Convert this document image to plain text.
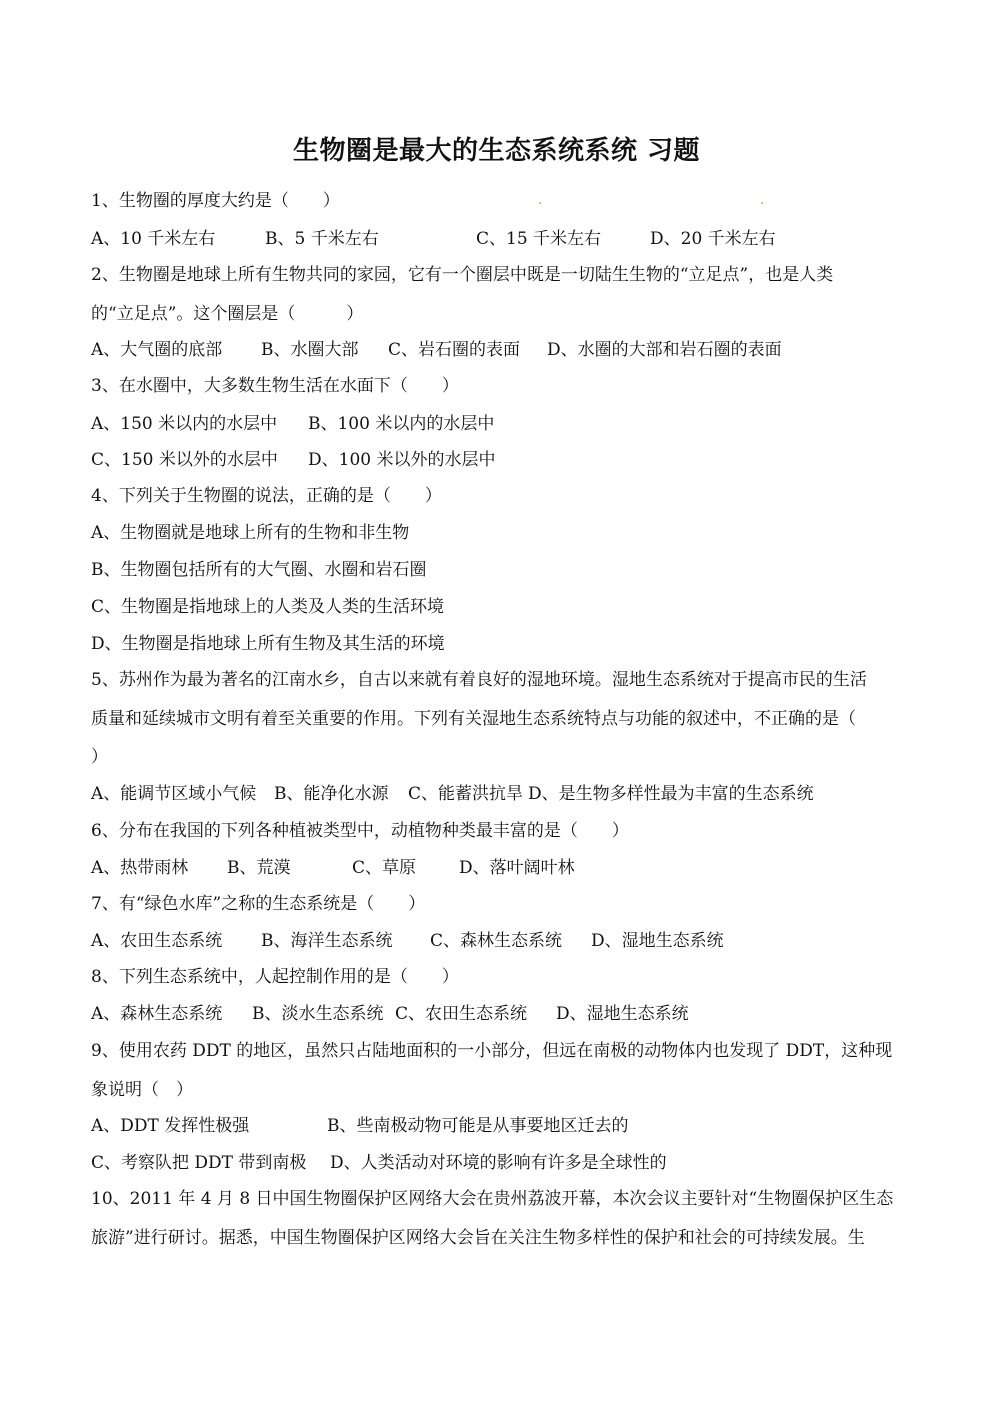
生物圈是最大的生态系统系统 习题
.	.
1、生物圈的厚度大约是（　　）
A、10 千米左右	B、5 千米左右	C、15 千米左右	D、20 千米左右
2、生物圈是地球上所有生物共同的家园，它有一个圈层中既是一切陆生生物的“立足点”，也是人类
的“立足点”。这个圈层是（　　　）
A、大气圈的底部 B、水圈大部 C、岩石圈的表面 D、水圈的大部和岩石圈的表面
3、在水圈中，大多数生物生活在水面下（　　）
A、150 米以内的水层中 B、100 米以内的水层中
C、150 米以外的水层中 D、100 米以外的水层中
4、下列关于生物圈的说法，正确的是（　　）
A、生物圈就是地球上所有的生物和非生物
B、生物圈包括所有的大气圈、水圈和岩石圈
C、生物圈是指地球上的人类及人类的生活环境
D、生物圈是指地球上所有生物及其生活的环境
5、苏州作为最为著名的江南水乡，自古以来就有着良好的湿地环境。湿地生态系统对于提高市民的生活
质量和延续城市文明有着至关重要的作用。下列有关湿地生态系统特点与功能的叙述中，不正确的是（
）
A、能调节区域小气候 B、能净化水源 C、能蓄洪抗旱 D、是生物多样性最为丰富的生态系统
6、分布在我国的下列各种植被类型中，动植物种类最丰富的是（　　）
A、热带雨林 B、荒漠	C、草原	D、落叶阔叶林
7、有“绿色水库”之称的生态系统是（　　）
A、农田生态系统 B、海洋生态系统 C、森林生态系统 D、湿地生态系统
8、下列生态系统中，人起控制作用的是（　　）
A、森林生态系统 B、淡水生态系统 C、农田生态系统 D、湿地生态系统
9、使用农药 DDT 的地区，虽然只占陆地面积的一小部分，但远在南极的动物体内也发现了 DDT，这种现
象说明（　）
A、DDT 发挥性极强	B、些南极动物可能是从事要地区迁去的
C、考察队把 DDT 带到南极 D、人类活动对环境的影响有许多是全球性的
10、2011 年 4 月 8 日中国生物圈保护区网络大会在贵州荔波开幕，本次会议主要针对“生物圈保护区生态
旅游”进行研讨。据悉，中国生物圈保护区网络大会旨在关注生物多样性的保护和社会的可持续发展。生
